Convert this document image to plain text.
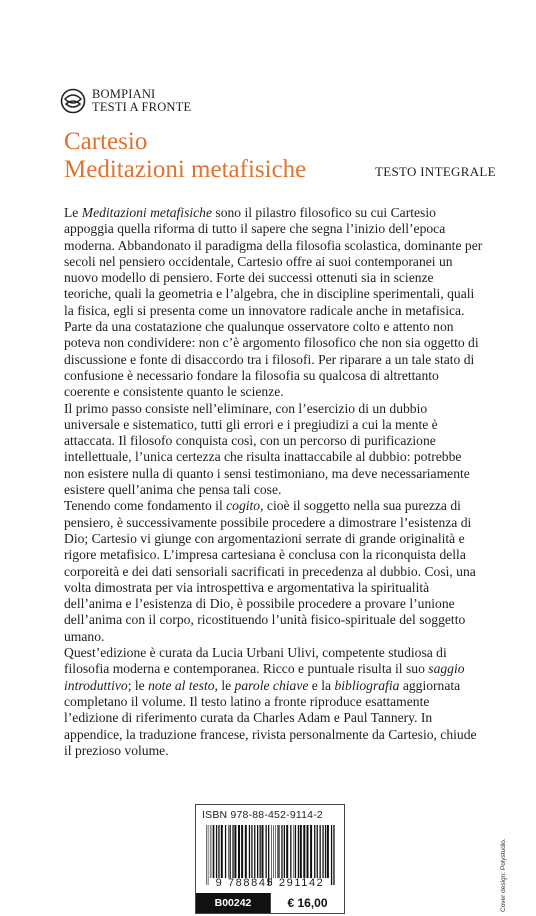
BOMPIANI
TESTI A FRONTE
Cartesio
Meditazioni metafisiche	TESTO INTEGRALE

Le Meditazioni metafisiche sono il pilastro filosofico su cui Cartesio appoggia quella riforma di tutto il sapere che segna l’inizio dell’epoca moderna. Abbandonato il paradigma della filosofia scolastica, dominante per secoli nel pensiero occidentale, Cartesio offre ai suoi contemporanei un nuovo modello di pensiero. Forte dei successi ottenuti sia in scienze teoriche, quali la geometria e l’algebra, che in discipline sperimentali, quali la fisica, egli si presenta come un innovatore radicale anche in metafisica. Parte da una costatazione che qualunque osservatore colto e attento non poteva non condividere: non c’è argomento filosofico che non sia oggetto di discussione e fonte di disaccordo tra i filosofi. Per riparare a un tale stato di confusione è necessario fondare la filosofia su qualcosa di altrettanto coerente e consistente quanto le scienze.

Il primo passo consiste nell’eliminare, con l’esercizio di un dubbio universale e sistematico, tutti gli errori e i pregiudizi a cui la mente è attaccata. Il filosofo conquista così, con un percorso di purificazione intellettuale, l’unica certezza che risulta inattaccabile al dubbio: potrebbe non esistere nulla di quanto i sensi testimoniano, ma deve necessariamente esistere quell’anima che pensa tali cose.

Tenendo come fondamento il cogito, cioè il soggetto nella sua purezza di pensiero, è successivamente possibile procedere a dimostrare l’esistenza di Dio; Cartesio vi giunge con argomentazioni serrate di grande originalità e rigore metafisico. L’impresa cartesiana è conclusa con la riconquista della corporeità e dei dati sensoriali sacrificati in precedenza al dubbio. Così, una volta dimostrata per via introspettiva e argomentativa la spiritualità dell’anima e l’esistenza di Dio, è possibile procedere a provare l’unione dell’anima con il corpo, ricostituendo l’unità fisico-spirituale del soggetto umano.

Quest’edizione è curata da Lucia Urbani Ulivi, competente studiosa di filosofia moderna e contemporanea. Ricco e puntuale risulta il suo saggio introduttivo; le note al testo, le parole chiave e la bibliografia aggiornata completano il volume. Il testo latino a fronte riproduce esattamente l’edizione di riferimento curata da Charles Adam e Paul Tannery. In appendice, la traduzione francese, rivista personalmente da Cartesio, chiude il prezioso volume.

ISBN 978-88-452-9114-2
9 788845 291142
B00242	€ 16,00	Cover design: Polystudio.
